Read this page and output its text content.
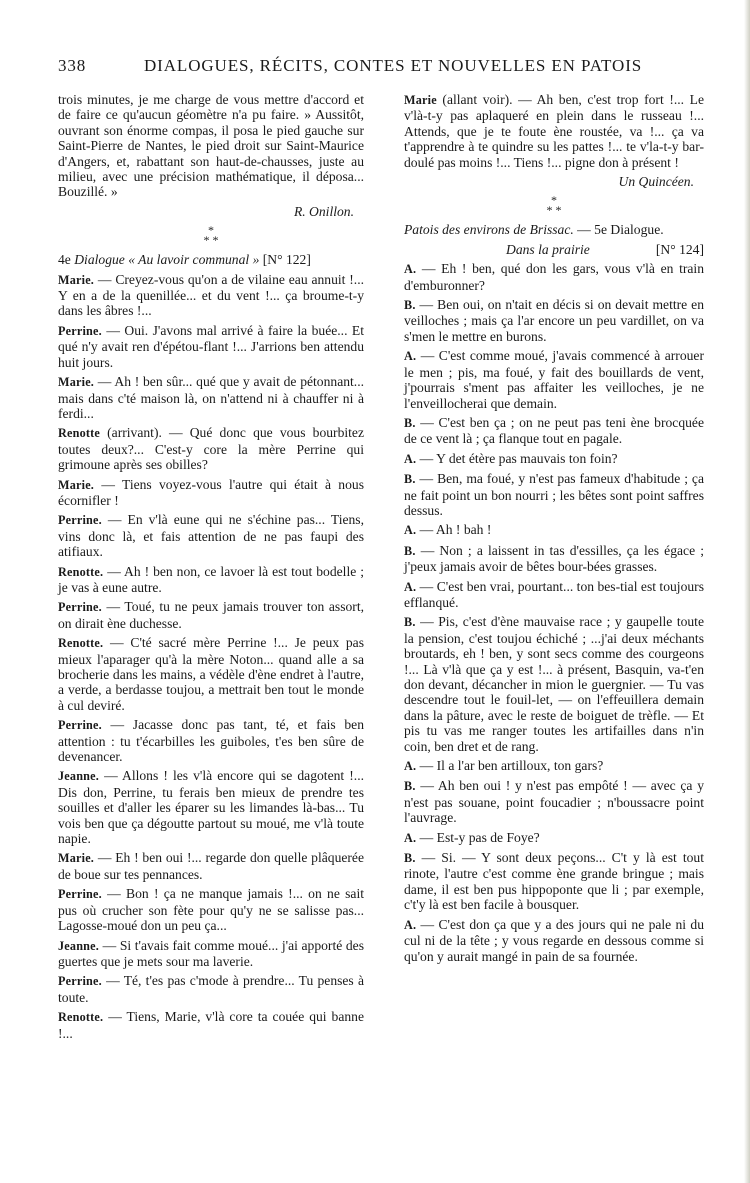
338	DIALOGUES, RÉCITS, CONTES ET NOUVELLES EN PATOIS

trois minutes, je me charge de vous mettre d'accord et de faire ce qu'aucun géomètre n'a pu faire. » Aussitôt, ouvrant son énorme compas, il posa le pied gauche sur Saint-Pierre de Nantes, le pied droit sur Saint-Maurice d'Angers, et, rabattant son haut-de-chausses, juste au milieu, avec une précision mathématique, il déposa... Bouzillé. »

R. Onillon.
*
* *

4e Dialogue « Au lavoir communal » [N° 122]

Marie. — Creyez-vous qu'on a de vilaine eau annuit !... Y en a de la quenillée... et du vent !... ça broume-t-y dans les âbres !...

Perrine. — Oui. J'avons mal arrivé à faire la buée... Et qué n'y avait ren d'épétou-flant !... J'arrions ben attendu huit jours.

Marie. — Ah ! ben sûr... qué que y avait de pétonnant... mais dans c'té maison là, on n'attend ni à chauffer ni à ferdi...

Renotte (arrivant). — Qué donc que vous bourbitez toutes deux?... C'est-y core la mère Perrine qui grimoune après ses obilles?

Marie. — Tiens voyez-vous l'autre qui était à nous écornifler !

Perrine. — En v'là eune qui ne s'échine pas... Tiens, vins donc là, et fais attention de ne pas faupi des atifiaux.

Renotte. — Ah ! ben non, ce lavoer là est tout bodelle ; je vas à eune autre.

Perrine. — Toué, tu ne peux jamais trouver ton assort, on dirait ène duchesse.

Renotte. — C'té sacré mère Perrine !... Je peux pas mieux l'aparager qu'à la mère Noton... quand alle a sa brocherie dans les mains, a védèle d'ène endret à l'autre, a verde, a berdasse toujou, a mettrait ben tout le monde à cul deviré.

Perrine. — Jacasse donc pas tant, té, et fais ben attention : tu t'écarbilles les guiboles, t'es ben sûre de devenancer.

Jeanne. — Allons ! les v'là encore qui se dagotent !... Dis don, Perrine, tu ferais ben mieux de prendre tes souilles et d'aller les éparer su les limandes là-bas... Tu vois ben que ça dégoutte partout su moué, me v'là toute napie.

Marie. — Eh ! ben oui !... regarde don quelle plâquerée de boue sur tes pennances.

Perrine. — Bon ! ça ne manque jamais !... on ne sait pus où crucher son fète pour qu'y ne se salisse pas... Lagosse-moué don un peu ça...

Jeanne. — Si t'avais fait comme moué... j'ai apporté des guertes que je mets sour ma laverie.

Perrine. — Té, t'es pas c'mode à prendre... Tu penses à toute.

Renotte. — Tiens, Marie, v'là core ta couée qui banne !...

Marie (allant voir). — Ah ben, c'est trop fort !... Le v'là-t-y pas aplaqueré en plein dans le russeau !... Attends, que je te foute ène roustée, va !... ça va t'apprendre à te quindre su les pattes !... te v'la-t-y bar-doulé pas moins !... Tiens !... pigne don à présent !

Un Quincéen.
*
* *

Patois des environs de Brissac. — 5e Dialogue.

Dans la prairie	[N° 124]

A. — Eh ! ben, qué don les gars, vous v'là en train d'emburonner?

B. — Ben oui, on n'tait en décis si on devait mettre en veilloches ; mais ça l'ar encore un peu vardillet, on va s'men le mettre en burons.

A. — C'est comme moué, j'avais commencé à arrouer le men ; pis, ma foué, y fait des bouillards de vent, j'pourrais s'ment pas affaiter les veilloches, je ne l'enveillocherai que demain.

B. — C'est ben ça ; on ne peut pas teni ène brocquée de ce vent là ; ça flanque tout en pagale.

A. — Y det étère pas mauvais ton foin?

B. — Ben, ma foué, y n'est pas fameux d'habitude ; ça ne fait point un bon nourri ; les bêtes sont point saffres dessus.

A. — Ah ! bah !

B. — Non ; a laissent in tas d'essilles, ça les égace ; j'peux jamais avoir de bêtes bour-bées grasses.

A. — C'est ben vrai, pourtant... ton bes-tial est toujours efflanqué.

B. — Pis, c'est d'ène mauvaise race ; y gaupelle toute la pension, c'est toujou échiché ; ...j'ai deux méchants broutards, eh ! ben, y sont secs comme des courgeons !... Là v'là que ça y est !... à présent, Basquin, va-t'en don devant, décancher in mion le guergnier. — Tu vas descendre tout le fouil-let, — on l'effeuillera demain dans la pâture, avec le reste de boiguet de trèfle. — Et pis tu vas me ranger toutes les artifailles dans n'in coin, ben dret et de rang.

A. — Il a l'ar ben artilloux, ton gars?

B. — Ah ben oui ! y n'est pas empôté ! — avec ça y n'est pas souane, point foucadier ; n'boussacre point l'auvrage.

A. — Est-y pas de Foye?

B. — Si. — Y sont deux peçons... C't y là est tout rinote, l'autre c'est comme ène grande bringue ; mais dame, il est ben pus hippoponte que li ; par exemple, c't'y là est ben facile à bousquer.

A. — C'est don ça que y a des jours qui ne pale ni du cul ni de la tête ; y vous regarde en dessous comme si qu'on y aurait mangé in pain de sa fournée.
